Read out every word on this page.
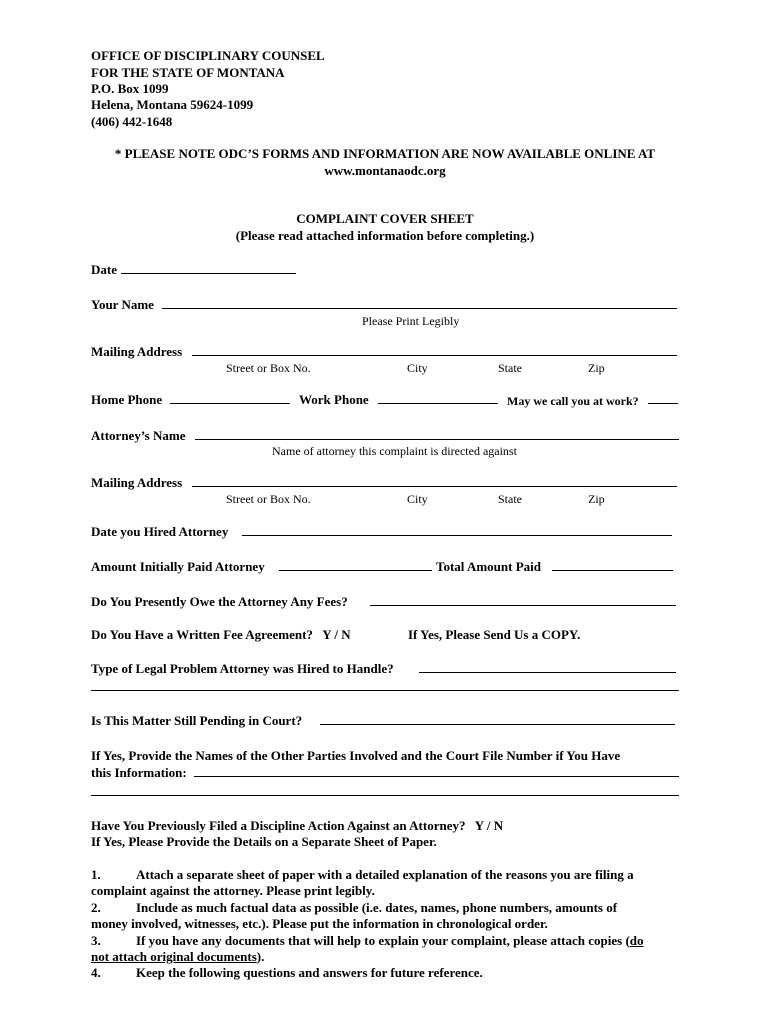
OFFICE OF DISCIPLINARY COUNSEL
FOR THE STATE OF MONTANA
P.O. Box 1099
Helena, Montana 59624-1099
(406) 442-1648
* PLEASE NOTE ODC’S FORMS AND INFORMATION ARE NOW AVAILABLE ONLINE AT
www.montanaodc.org
COMPLAINT COVER SHEET
(Please read attached information before completing.)
Date
Your Name
Please Print Legibly
Mailing Address
Street or Box No.	City	State	Zip
Home Phone	Work Phone	May we call you at work?
Attorney’s Name
Name of attorney this complaint is directed against
Mailing Address
Street or Box No.	City	State	Zip
Date you Hired Attorney
Amount Initially Paid Attorney	Total Amount Paid
Do You Presently Owe the Attorney Any Fees?
Do You Have a Written Fee Agreement?   Y / N	If Yes, Please Send Us a COPY.
Type of Legal Problem Attorney was Hired to Handle?
Is This Matter Still Pending in Court?
If Yes, Provide the Names of the Other Parties Involved and the Court File Number if You Have
this Information:
Have You Previously Filed a Discipline Action Against an Attorney?   Y / N
If Yes, Please Provide the Details on a Separate Sheet of Paper.
1.	Attach a separate sheet of paper with a detailed explanation of the reasons you are filing a
complaint against the attorney. Please print legibly.
2.	Include as much factual data as possible (i.e. dates, names, phone numbers, amounts of
money involved, witnesses, etc.). Please put the information in chronological order.
3.	If you have any documents that will help to explain your complaint, please attach copies (do
not attach original documents).
4.	Keep the following questions and answers for future reference.
